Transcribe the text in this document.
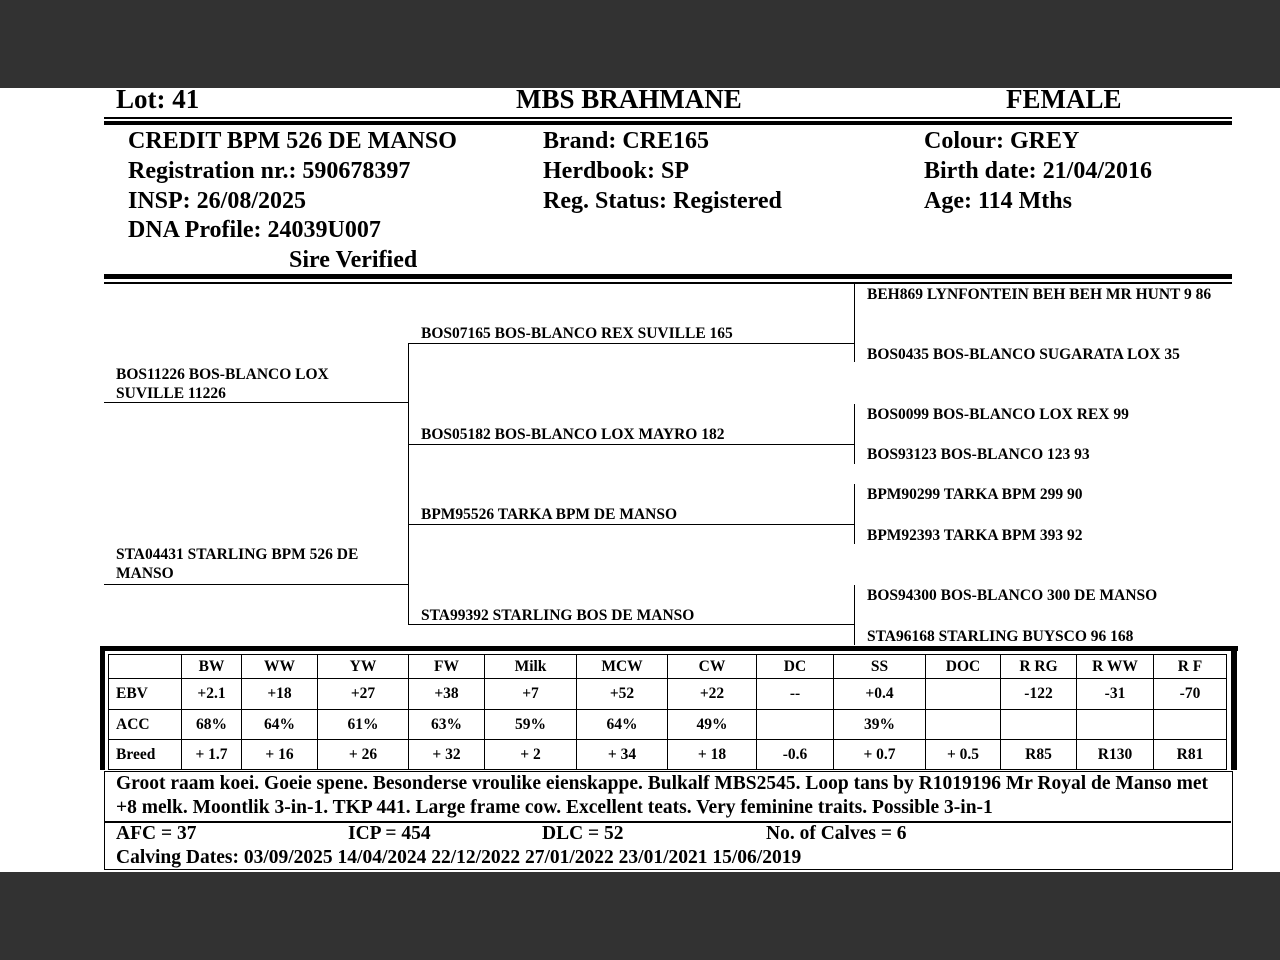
Lot: 41	MBS BRAHMANE	FEMALE
CREDIT BPM 526 DE MANSO
Registration nr.: 590678397
INSP: 26/08/2025
DNA Profile: 24039U007
Sire Verified
Brand: CRE165
Herdbook: SP
Reg. Status: Registered
Colour: GREY
Birth date: 21/04/2016
Age: 114 Mths
BOS11226 BOS-BLANCO LOX SUVILLE 11226
STA04431 STARLING BPM 526 DE MANSO
BOS07165 BOS-BLANCO REX SUVILLE 165
BOS05182 BOS-BLANCO LOX MAYRO 182
BPM95526 TARKA BPM DE MANSO
STA99392 STARLING BOS DE MANSO
BEH869 LYNFONTEIN BEH BEH MR HUNT 9 86
BOS0435 BOS-BLANCO SUGARATA LOX 35
BOS0099 BOS-BLANCO LOX REX 99
BOS93123 BOS-BLANCO 123 93
BPM90299 TARKA BPM 299 90
BPM92393 TARKA BPM 393 92
BOS94300 BOS-BLANCO 300 DE MANSO
STA96168 STARLING BUYSCO 96 168
	BW	WW	YW	FW	Milk	MCW	CW	DC	SS	DOC	R RG	R WW	R F
EBV	+2.1	+18	+27	+38	+7	+52	+22	--	+0.4		-122	-31	-70
ACC	68%	64%	61%	63%	59%	64%	49%		39%				
Breed	+ 1.7	+ 16	+ 26	+ 32	+ 2	+ 34	+ 18	-0.6	+ 0.7	+ 0.5	R85	R130	R81
Groot raam koei. Goeie spene. Besonderse vroulike eienskappe. Bulkalf MBS2545. Loop tans by R1019196 Mr Royal de Manso met +8 melk. Moontlik 3-in-1. TKP 441. Large frame cow. Excellent teats. Very feminine traits. Possible 3-in-1
AFC = 37	ICP = 454	DLC = 52	No. of Calves = 6
Calving Dates: 03/09/2025 14/04/2024 22/12/2022 27/01/2022 23/01/2021 15/06/2019
